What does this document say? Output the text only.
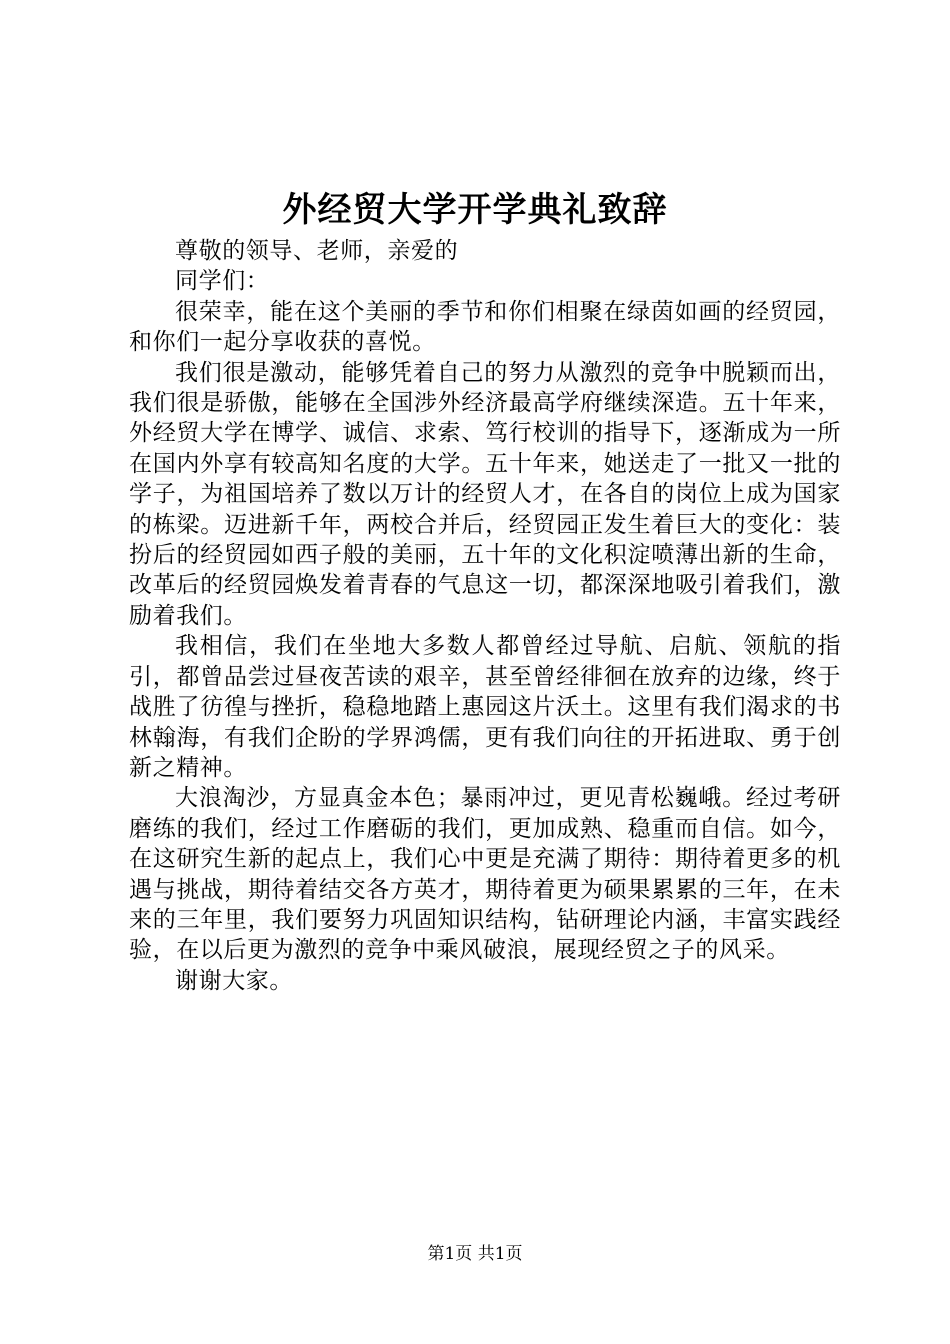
外经贸大学开学典礼致辞

尊敬的领导、老师，亲爱的

同学们：

很荣幸，能在这个美丽的季节和你们相聚在绿茵如画的经贸园，和你们一起分享收获的喜悦。

我们很是激动，能够凭着自己的努力从激烈的竞争中脱颖而出，我们很是骄傲，能够在全国涉外经济最高学府继续深造。五十年来，外经贸大学在博学、诚信、求索、笃行校训的指导下，逐渐成为一所在国内外享有较高知名度的大学。五十年来，她送走了一批又一批的学子，为祖国培养了数以万计的经贸人才，在各自的岗位上成为国家的栋梁。迈进新千年，两校合并后，经贸园正发生着巨大的变化：装扮后的经贸园如西子般的美丽，五十年的文化积淀喷薄出新的生命，改革后的经贸园焕发着青春的气息这一切，都深深地吸引着我们，激励着我们。

我相信，我们在坐地大多数人都曾经过导航、启航、领航的指引，都曾品尝过昼夜苦读的艰辛，甚至曾经徘徊在放弃的边缘，终于战胜了彷徨与挫折，稳稳地踏上惠园这片沃土。这里有我们渴求的书林翰海，有我们企盼的学界鸿儒，更有我们向往的开拓进取、勇于创新之精神。

大浪淘沙，方显真金本色；暴雨冲过，更见青松巍峨。经过考研磨练的我们，经过工作磨砺的我们，更加成熟、稳重而自信。如今，在这研究生新的起点上，我们心中更是充满了期待：期待着更多的机遇与挑战，期待着结交各方英才，期待着更为硕果累累的三年，在未来的三年里，我们要努力巩固知识结构，钻研理论内涵，丰富实践经验，在以后更为激烈的竞争中乘风破浪，展现经贸之子的风采。

谢谢大家。

第1页 共1页
